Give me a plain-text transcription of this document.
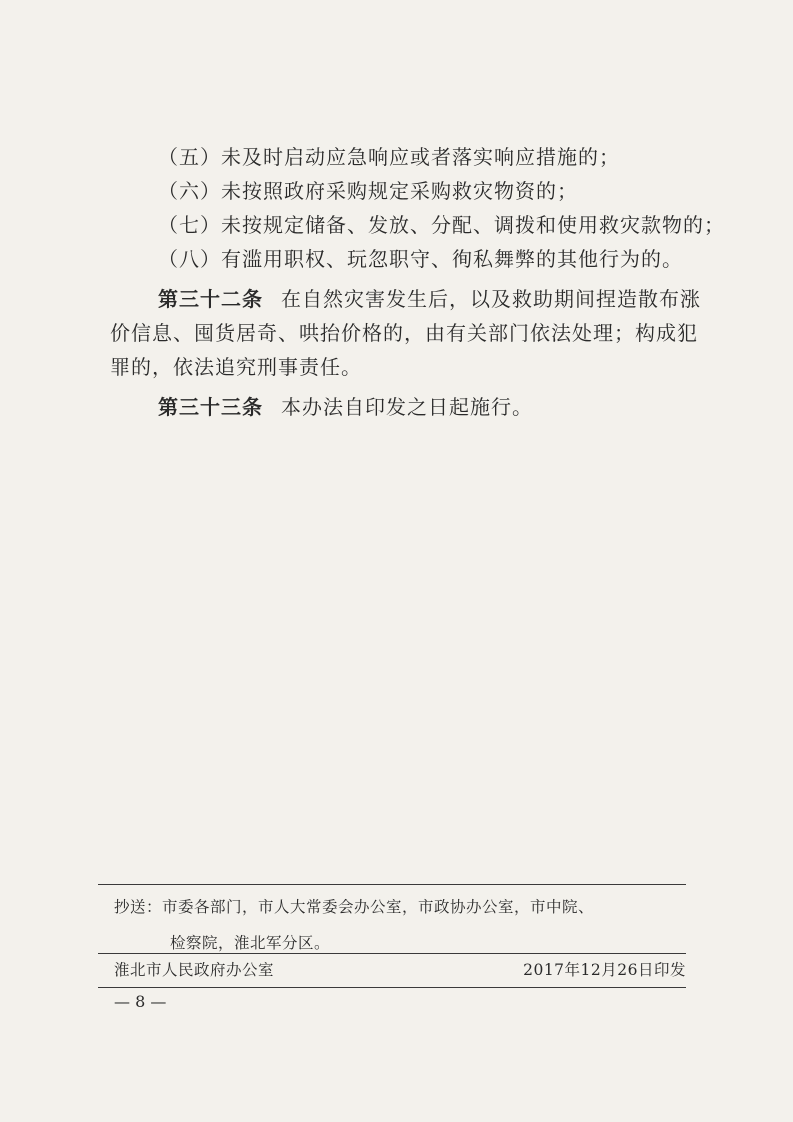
（五）未及时启动应急响应或者落实响应措施的；
（六）未按照政府采购规定采购救灾物资的；
（七）未按规定储备、发放、分配、调拨和使用救灾款物的；
（八）有滥用职权、玩忽职守、徇私舞弊的其他行为的。
第三十二条 在自然灾害发生后，以及救助期间捏造散布涨
价信息、囤货居奇、哄抬价格的，由有关部门依法处理；构成犯
罪的，依法追究刑事责任。
第三十三条 本办法自印发之日起施行。
抄送：市委各部门，市人大常委会办公室，市政协办公室，市中院、
检察院，淮北军分区。
淮北市人民政府办公室	2017年12月26日印发
— 8 —
